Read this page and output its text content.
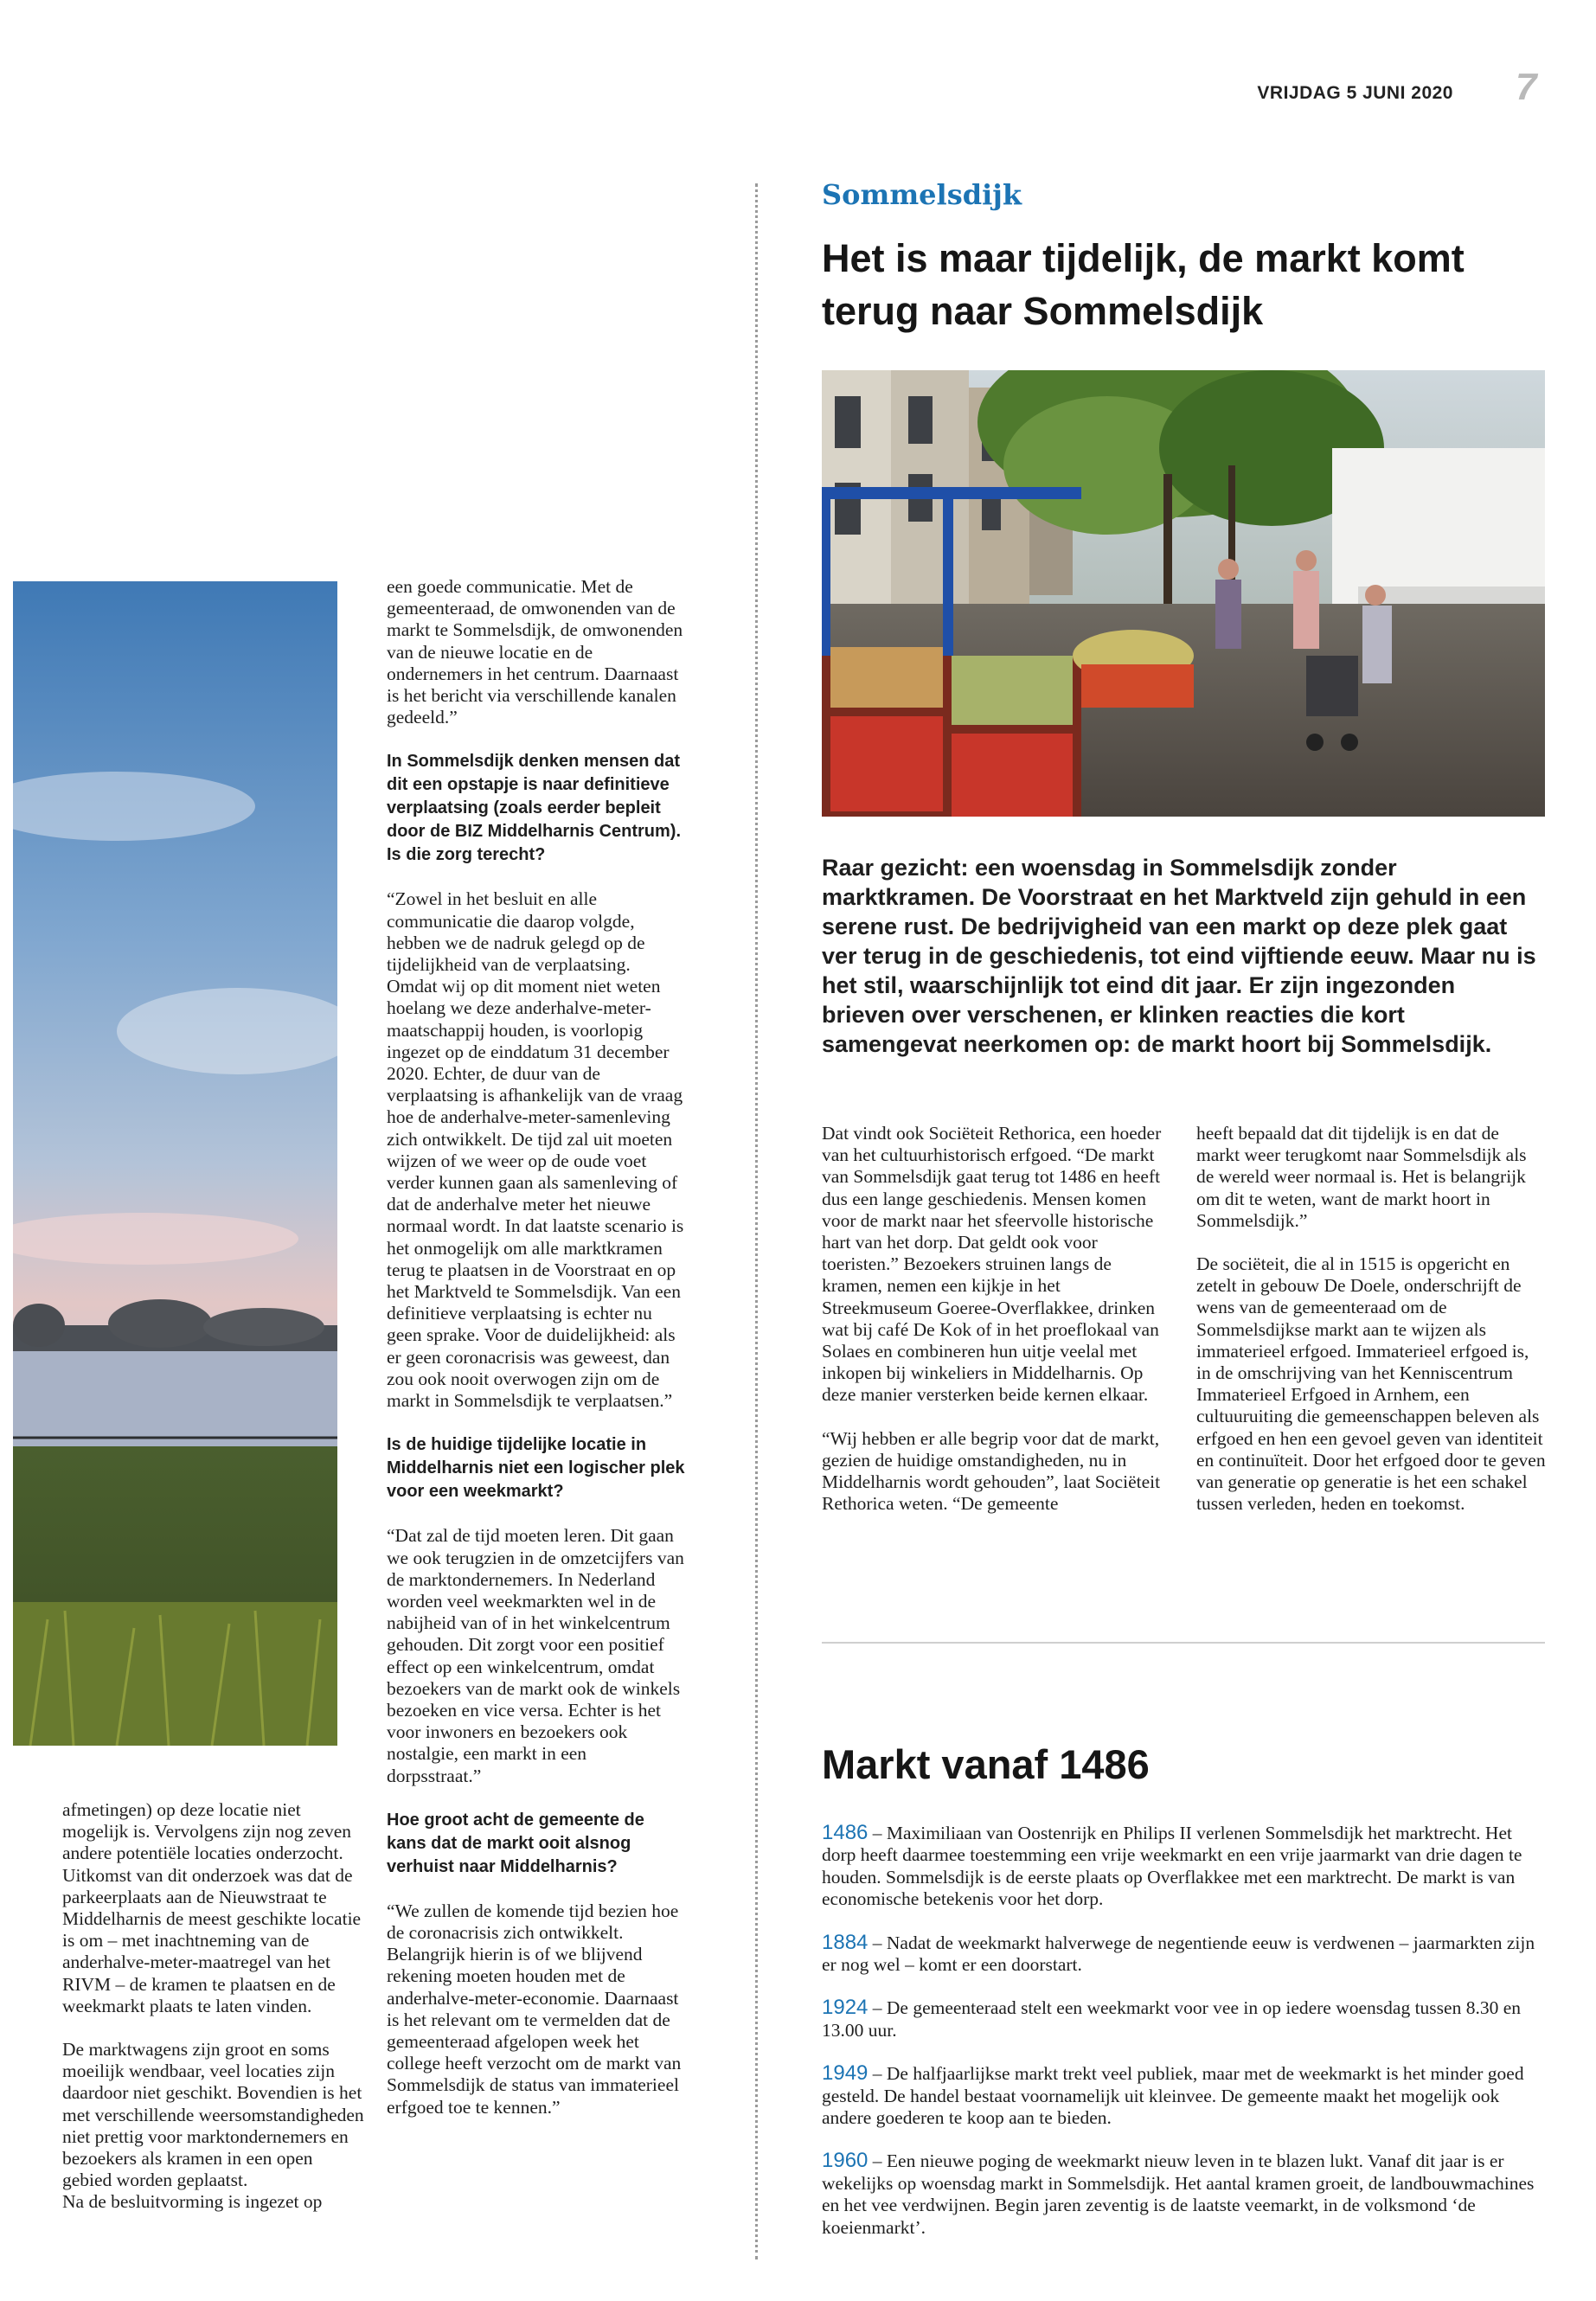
VRIJDAG 5 JUNI 2020 7
Sommelsdijk
Het is maar tijdelijk, de markt komt terug naar Sommelsdijk
Raar gezicht: een woensdag in Sommelsdijk zonder marktkramen. De Voorstraat en het Marktveld zijn gehuld in een serene rust. De bedrijvigheid van een markt op deze plek gaat ver terug in de geschiedenis, tot eind vijftiende eeuw. Maar nu is het stil, waarschijnlijk tot eind dit jaar. Er zijn ingezonden brieven over verschenen, er klinken reacties die kort samengevat neerkomen op: de markt hoort bij Sommelsdijk.

Dat vindt ook Sociëteit Rethorica, een hoeder van het cultuurhistorisch erfgoed. “De markt van Sommelsdijk gaat terug tot 1486 en heeft dus een lange geschiedenis. Mensen komen voor de markt naar het sfeervolle historische hart van het dorp. Dat geldt ook voor toeristen.” Bezoekers struinen langs de kramen, nemen een kijkje in het Streekmuseum Goeree-Overflakkee, drinken wat bij café De Kok of in het proeflokaal van Solaes en combineren hun uitje veelal met inkopen bij winkeliers in Middelharnis. Op deze manier versterken beide kernen elkaar.

“Wij hebben er alle begrip voor dat de markt, gezien de huidige omstandigheden, nu in Middelharnis wordt gehouden”, laat Sociëteit Rethorica weten. “De gemeente

heeft bepaald dat dit tijdelijk is en dat de markt weer terugkomt naar Sommelsdijk als de wereld weer normaal is. Het is belangrijk om dit te weten, want de markt hoort in Sommelsdijk.”

De sociëteit, die al in 1515 is opgericht en zetelt in gebouw De Doele, onderschrijft de wens van de gemeenteraad om de Sommelsdijkse markt aan te wijzen als immaterieel erfgoed. Immaterieel erfgoed is, in de omschrijving van het Kenniscentrum Immaterieel Erfgoed in Arnhem, een cultuuruiting die gemeenschappen beleven als erfgoed en hen een gevoel geven van identiteit en continuïteit. Door het erfgoed door te geven van generatie op generatie is het een schakel tussen verleden, heden en toekomst.

Markt vanaf 1486
1486 – Maximiliaan van Oostenrijk en Philips II verlenen Sommelsdijk het marktrecht. Het dorp heeft daarmee toestemming een vrije weekmarkt en een vrije jaarmarkt van drie dagen te houden. Sommelsdijk is de eerste plaats op Overflakkee met een marktrecht. De markt is van economische betekenis voor het dorp.
1884 – Nadat de weekmarkt halverwege de negentiende eeuw is verdwenen – jaarmarkten zijn er nog wel – komt er een doorstart.
1924 – De gemeenteraad stelt een weekmarkt voor vee in op iedere woensdag tussen 8.30 en 13.00 uur.
1949 – De halfjaarlijkse markt trekt veel publiek, maar met de weekmarkt is het minder goed gesteld. De handel bestaat voornamelijk uit kleinvee. De gemeente maakt het mogelijk ook andere goederen te koop aan te bieden.
1960 – Een nieuwe poging de weekmarkt nieuw leven in te blazen lukt. Vanaf dit jaar is er wekelijks op woensdag markt in Sommelsdijk. Het aantal kramen groeit, de landbouwmachines en het vee verdwijnen. Begin jaren zeventig is de laatste veemarkt, in de volksmond ‘de koeienmarkt’.

een goede communicatie. Met de gemeenteraad, de omwonenden van de markt te Sommelsdijk, de omwonenden van de nieuwe locatie en de ondernemers in het centrum. Daarnaast is het bericht via verschillende kanalen gedeeld.”

In Sommelsdijk denken mensen dat dit een opstapje is naar definitieve verplaatsing (zoals eerder bepleit door de BIZ Middelharnis Centrum). Is die zorg terecht?

“Zowel in het besluit en alle communicatie die daarop volgde, hebben we de nadruk gelegd op de tijdelijkheid van de verplaatsing. Omdat wij op dit moment niet weten hoelang we deze anderhalve-meter-maatschappij houden, is voorlopig ingezet op de einddatum 31 december 2020. Echter, de duur van de verplaatsing is afhankelijk van de vraag hoe de anderhalve-meter-samenleving zich ontwikkelt. De tijd zal uit moeten wijzen of we weer op de oude voet verder kunnen gaan als samenleving of dat de anderhalve meter het nieuwe normaal wordt. In dat laatste scenario is het onmogelijk om alle marktkramen terug te plaatsen in de Voorstraat en op het Marktveld te Sommelsdijk. Van een definitieve verplaatsing is echter nu geen sprake. Voor de duidelijkheid: als er geen coronacrisis was geweest, dan zou ook nooit overwogen zijn om de markt in Sommelsdijk te verplaatsen.”

Is de huidige tijdelijke locatie in Middelharnis niet een logischer plek voor een weekmarkt?

“Dat zal de tijd moeten leren. Dit gaan we ook terugzien in de omzetcijfers van de marktondernemers. In Nederland worden veel weekmarkten wel in de nabijheid van of in het winkelcentrum gehouden. Dit zorgt voor een positief effect op een winkelcentrum, omdat bezoekers van de markt ook de winkels bezoeken en vice versa. Echter is het voor inwoners en bezoekers ook nostalgie, een markt in een dorpsstraat.”

Hoe groot acht de gemeente de kans dat de markt ooit alsnog verhuist naar Middelharnis?

“We zullen de komende tijd bezien hoe de coronacrisis zich ontwikkelt. Belangrijk hierin is of we blijvend rekening moeten houden met de anderhalve-meter-economie. Daarnaast is het relevant om te vermelden dat de gemeenteraad afgelopen week het college heeft verzocht om de markt van Sommelsdijk de status van immaterieel erfgoed toe te kennen.”

afmetingen) op deze locatie niet mogelijk is. Vervolgens zijn nog zeven andere potentiële locaties onderzocht. Uitkomst van dit onderzoek was dat de parkeerplaats aan de Nieuwstraat te Middelharnis de meest geschikte locatie is om – met inachtneming van de anderhalve-meter-maatregel van het RIVM – de kramen te plaatsen en de weekmarkt plaats te laten vinden.

De marktwagens zijn groot en soms moeilijk wendbaar, veel locaties zijn daardoor niet geschikt. Bovendien is het met verschillende weersomstandigheden niet prettig voor marktondernemers en bezoekers als kramen in een open gebied worden geplaatst.

Na de besluitvorming is ingezet op
